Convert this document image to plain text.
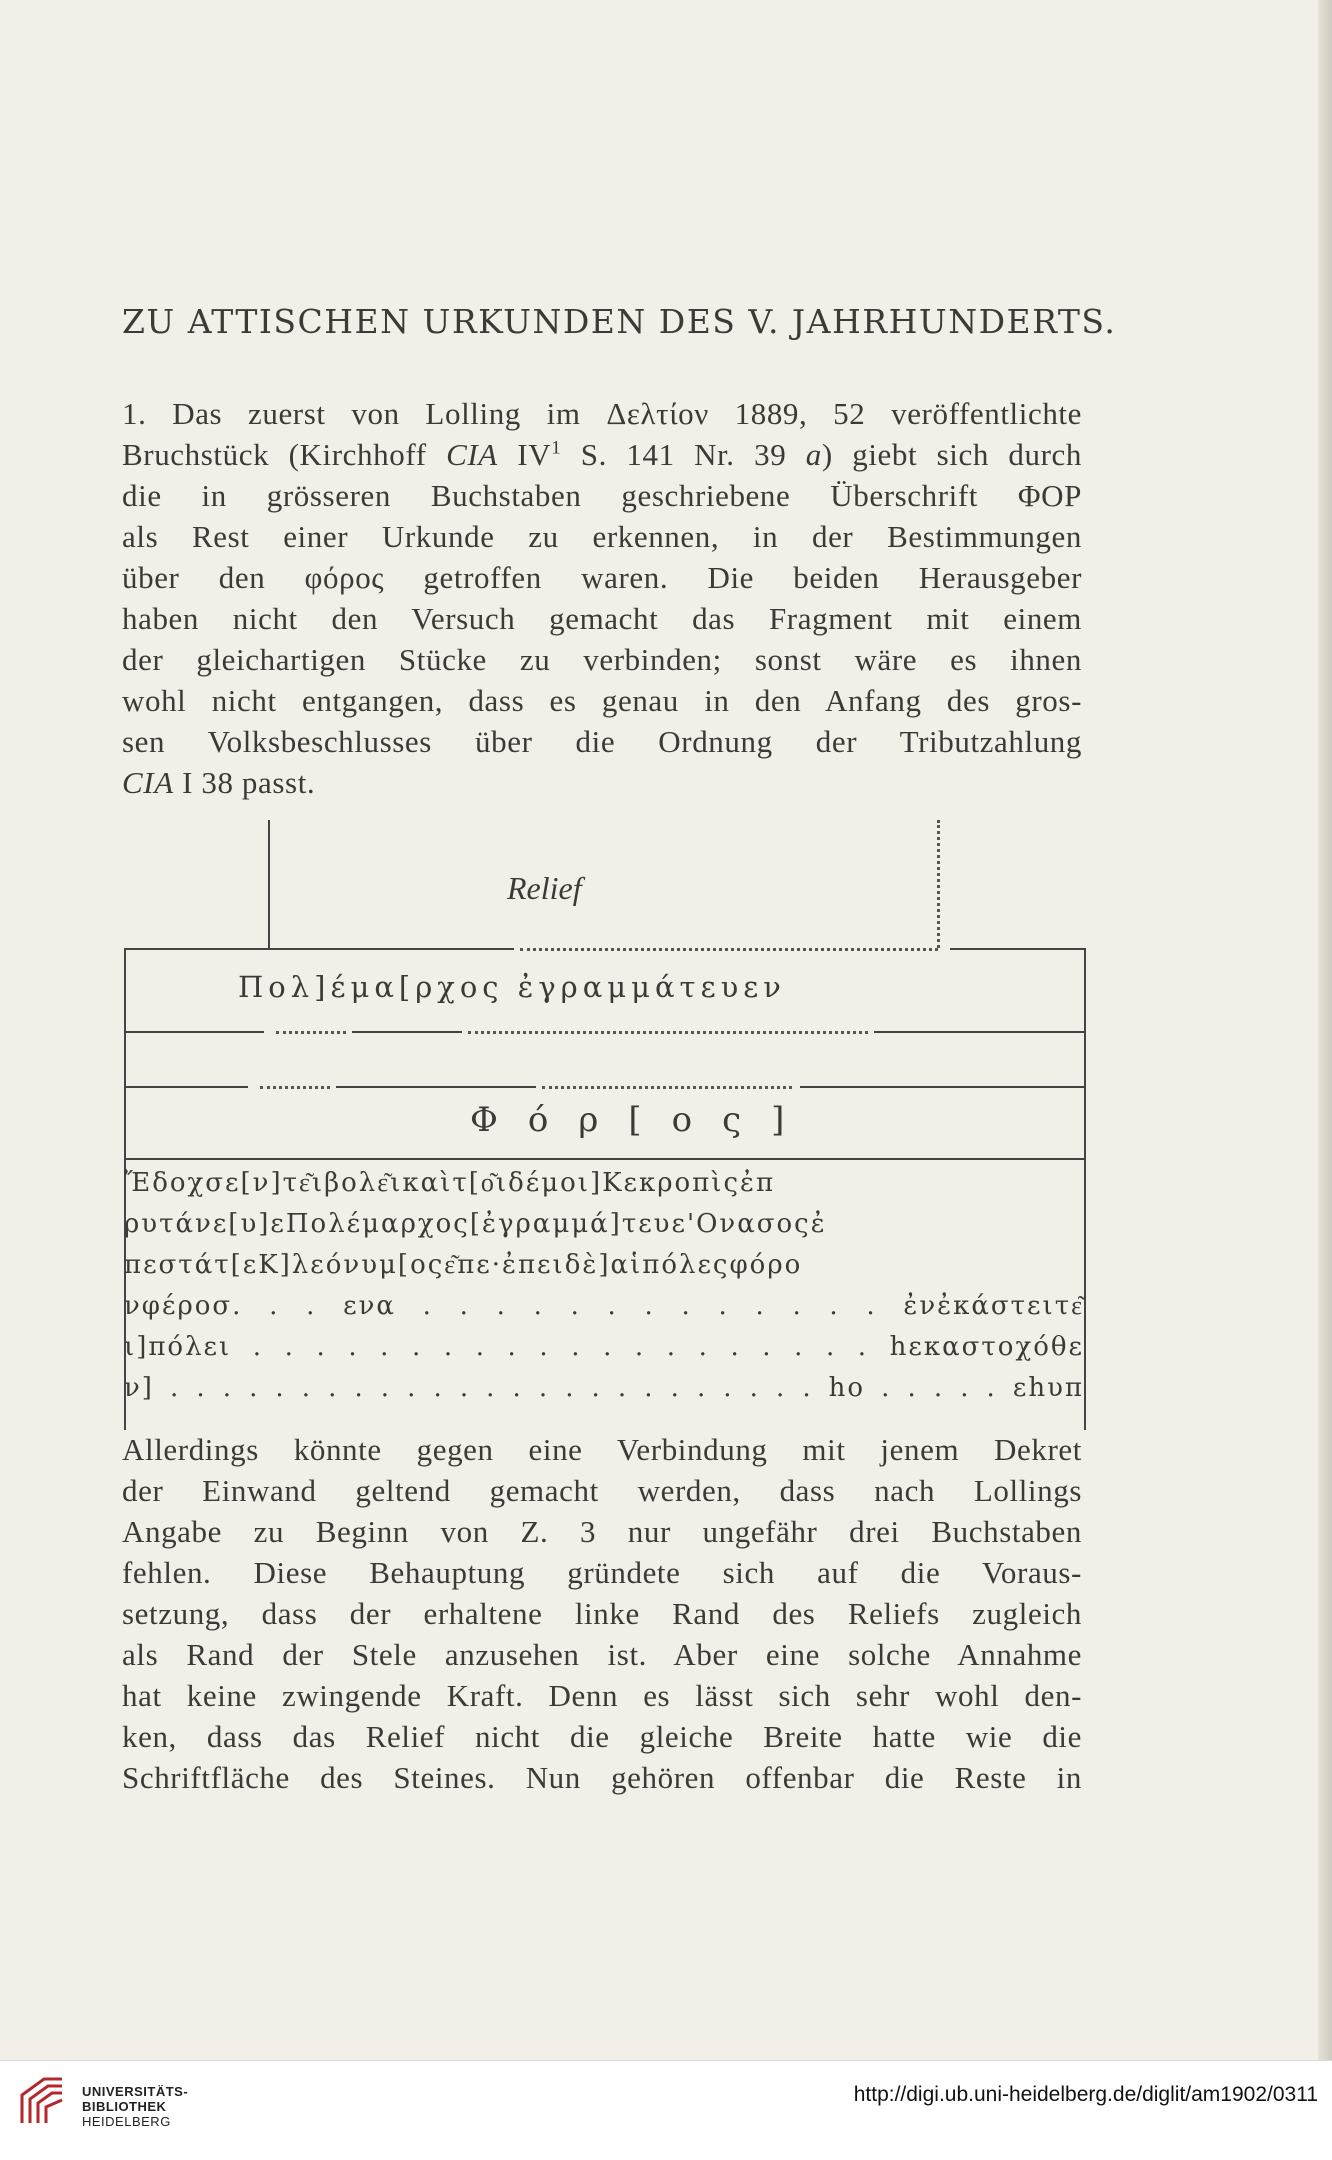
ZU ATTISCHEN URKUNDEN DES V. JAHRHUNDERTS.
1. Das zuerst von Lolling im Δελτίον 1889, 52 veröffentlichte
Bruchstück (Kirchhoff CIA $IV^1$ S. 141 Nr. 39 a) giebt sich durch
die in grösseren Buchstaben geschriebene Überschrift ΦΟΡ
als Rest einer Urkunde zu erkennen, in der Bestimmungen
über den φόρος getroffen waren. Die beiden Herausgeber
haben nicht den Versuch gemacht das Fragment mit einem
der gleichartigen Stücke zu verbinden; sonst wäre es ihnen
wohl nicht entgangen, dass es genau in den Anfang des gros-
sen Volksbeschlusses über die Ordnung der Tributzahlung
CIA I 38 passt.
Relief
Πολ]έμα[ρχος ἐγραμμάτευεν
Φόρ[ος]
Ἔδοχσε[ν]τε͂ιβολε͂ικαὶτ[ο͂ιδέμοι]Κεκροπὶςἐπ
ρυτάνε[υ]εΠολέμαρχος[ἐγραμμά]τευε'Ονασοςἐ
πεστάτ[εΚ]λεόνυμ[οςε͂πε·ἐπειδὲ]αἱπόλεςφόρο
νφέροσ. . . ενα . . . . . . . . . . . . . ἐνἐκάστειτε͂
ι]πόλει . . . . . . . . . . . . . . . . . . . . hεκαστοχόθε
ν] . . . . . . . . . . . . . . . . . . . . . . . . . hο . . . . . εhυπ
Allerdings könnte gegen eine Verbindung mit jenem Dekret
der Einwand geltend gemacht werden, dass nach Lollings
Angabe zu Beginn von Z. 3 nur ungefähr drei Buchstaben
fehlen. Diese Behauptung gründete sich auf die Voraus-
setzung, dass der erhaltene linke Rand des Reliefs zugleich
als Rand der Stele anzusehen ist. Aber eine solche Annahme
hat keine zwingende Kraft. Denn es lässt sich sehr wohl den-
ken, dass das Relief nicht die gleiche Breite hatte wie die
Schriftfläche des Steines. Nun gehören offenbar die Reste in
UNIVERSITÄTS-
BIBLIOTHEK
HEIDELBERG
http://digi.ub.uni-heidelberg.de/diglit/am1902/0311
